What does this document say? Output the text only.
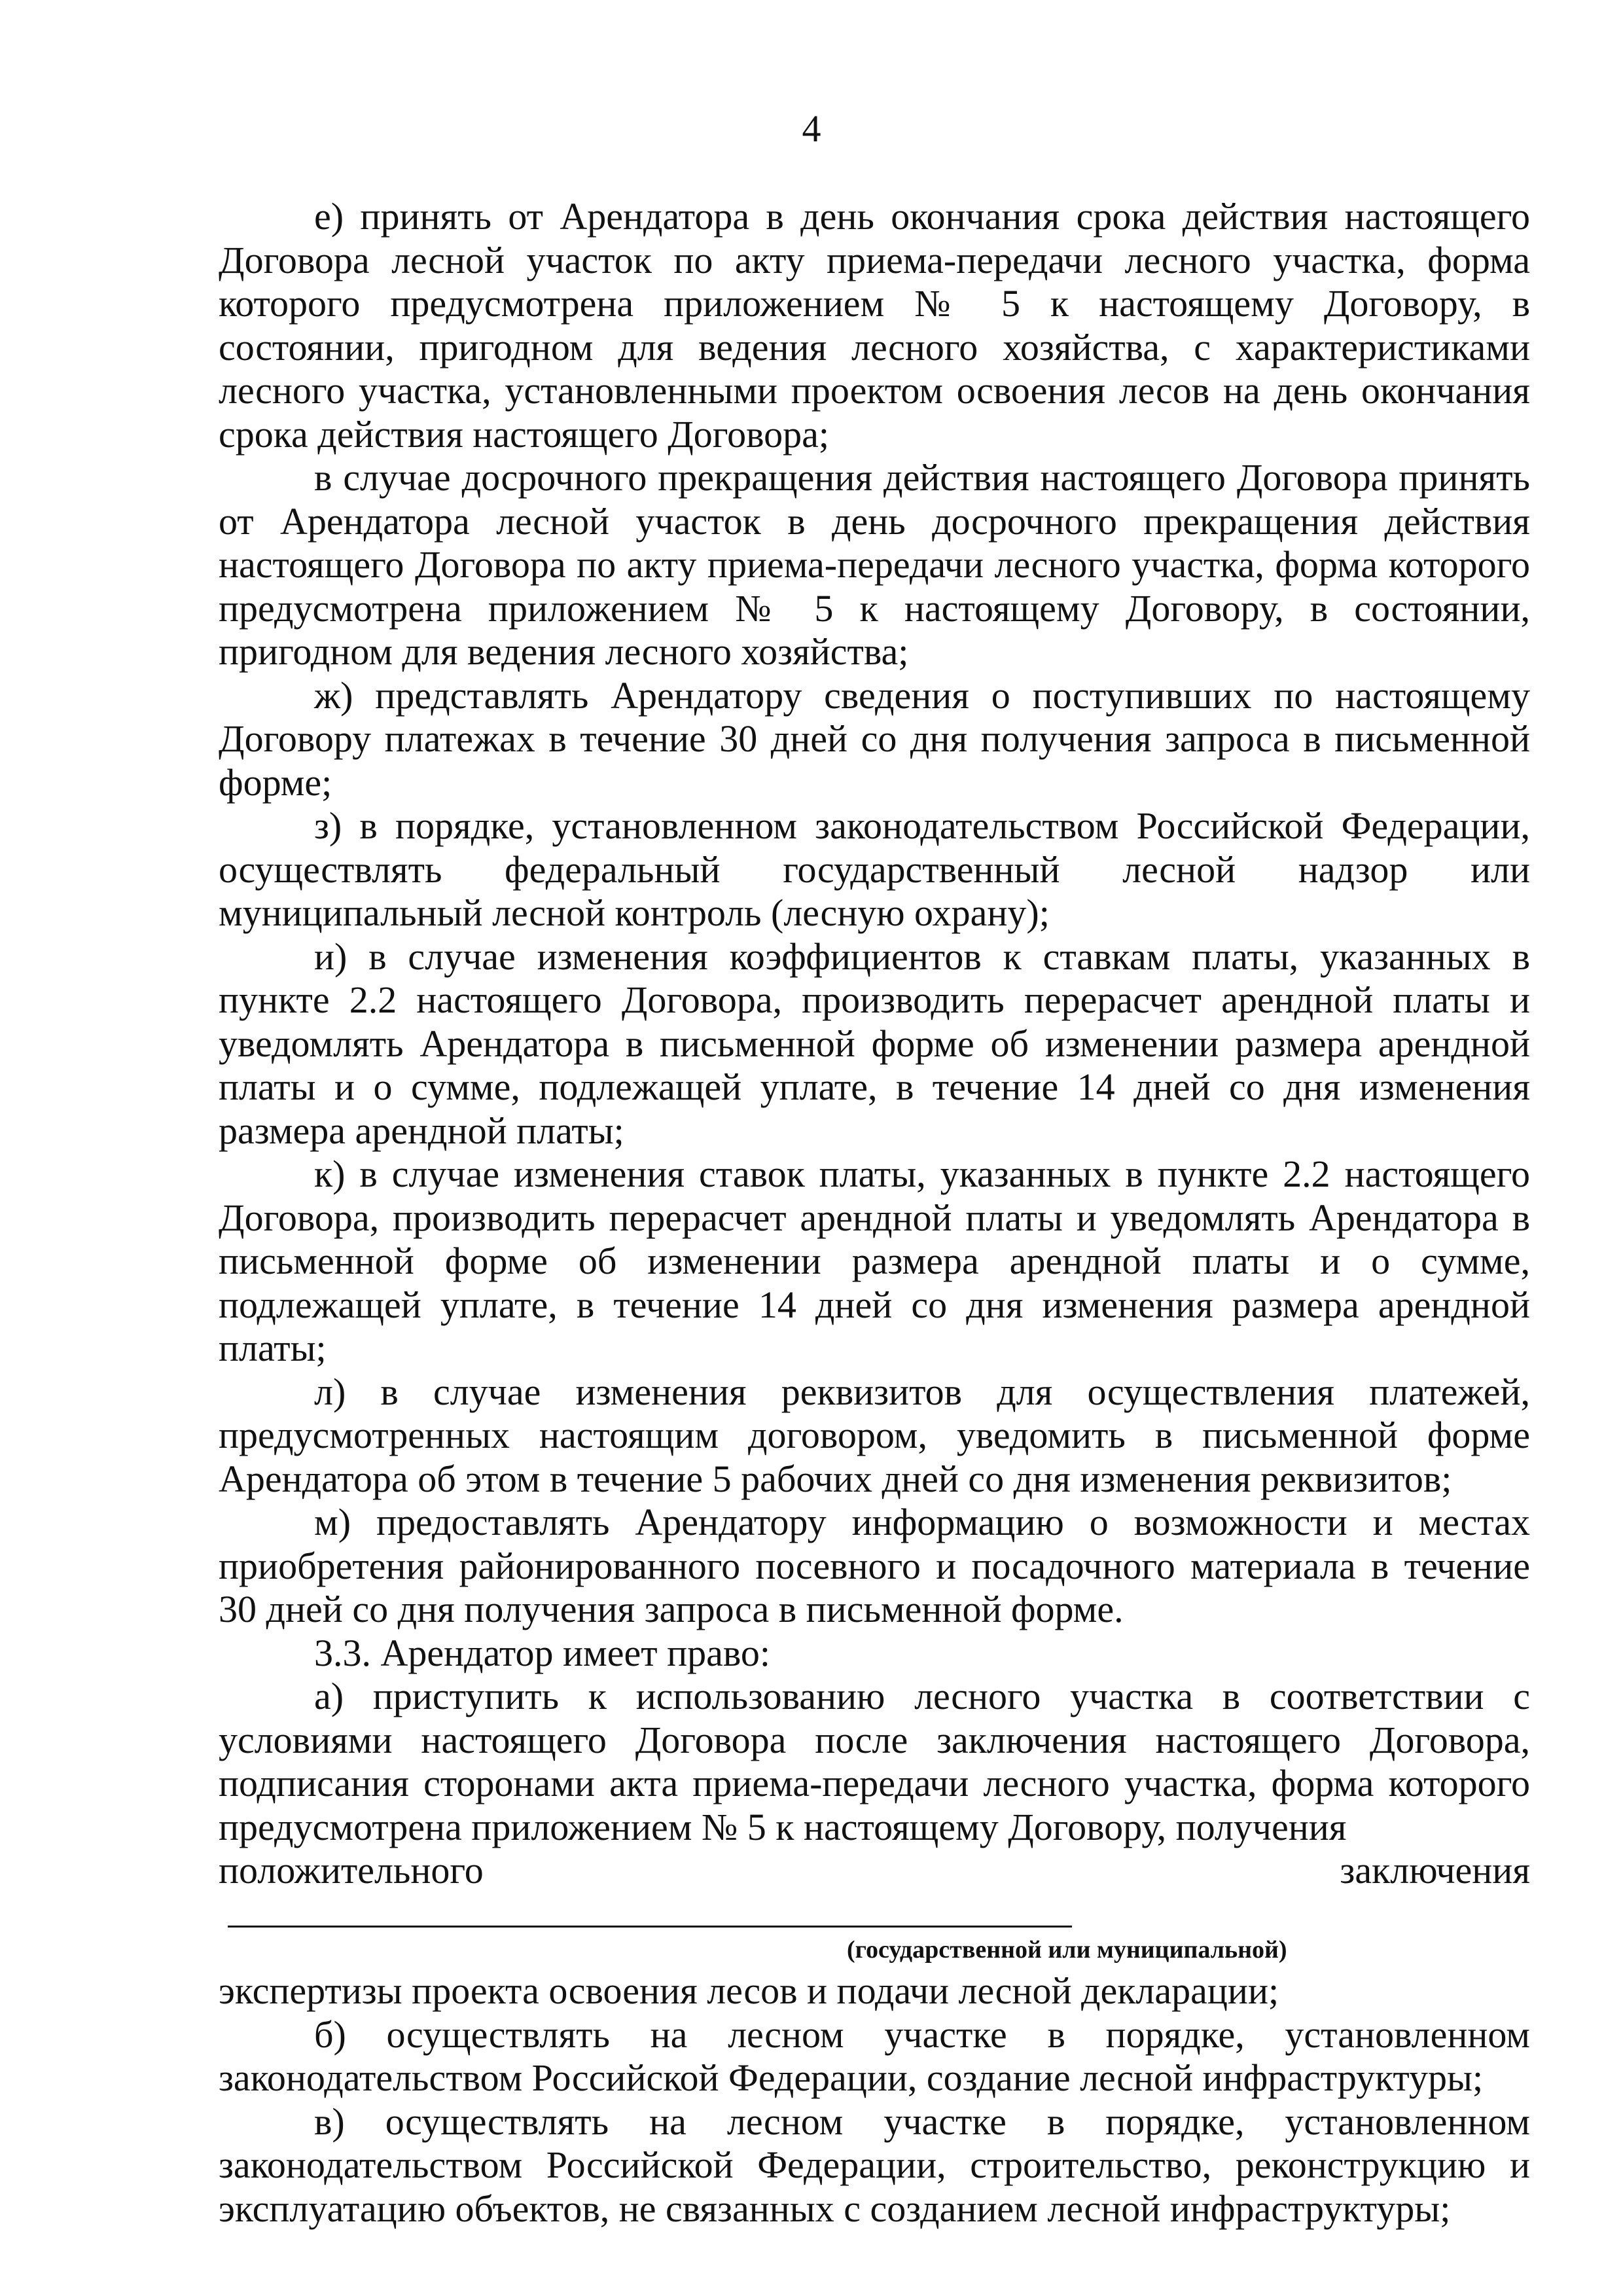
4

е) принять от Арендатора в день окончания срока действия настоящего Договора лесной участок по акту приема-передачи лесного участка, форма которого предусмотрена приложением № 5 к настоящему Договору, в состоянии, пригодном для ведения лесного хозяйства, с характеристиками лесного участка, установленными проектом освоения лесов на день окончания срока действия настоящего Договора;

в случае досрочного прекращения действия настоящего Договора принять от Арендатора лесной участок в день досрочного прекращения действия настоящего Договора по акту приема-передачи лесного участка, форма которого предусмотрена приложением № 5 к настоящему Договору, в состоянии, пригодном для ведения лесного хозяйства;

ж) представлять Арендатору сведения о поступивших по настоящему Договору платежах в течение 30 дней со дня получения запроса в письменной форме;

з) в порядке, установленном законодательством Российской Федерации, осуществлять федеральный государственный лесной надзор или муниципальный лесной контроль (лесную охрану);

и) в случае изменения коэффициентов к ставкам платы, указанных в пункте 2.2 настоящего Договора, производить перерасчет арендной платы и уведомлять Арендатора в письменной форме об изменении размера арендной платы и о сумме, подлежащей уплате, в течение 14 дней со дня изменения размера арендной платы;

к) в случае изменения ставок платы, указанных в пункте 2.2 настоящего Договора, производить перерасчет арендной платы и уведомлять Арендатора в письменной форме об изменении размера арендной платы и о сумме, подлежащей уплате, в течение 14 дней со дня изменения размера арендной платы;

л) в случае изменения реквизитов для осуществления платежей, предусмотренных настоящим договором, уведомить в письменной форме Арендатора об этом в течение 5 рабочих дней со дня изменения реквизитов;

м) предоставлять Арендатору информацию о возможности и местах приобретения районированного посевного и посадочного материала в течение 30 дней со дня получения запроса в письменной форме.

3.3. Арендатор имеет право:

а) приступить к использованию лесного участка в соответствии с условиями настоящего Договора после заключения настоящего Договора, подписания сторонами акта приема-передачи лесного участка, форма которого предусмотрена приложением № 5 к настоящему Договору, получения

положительного заключения

(государственной или муниципальной)

экспертизы проекта освоения лесов и подачи лесной декларации;

б) осуществлять на лесном участке в порядке, установленном законодательством Российской Федерации, создание лесной инфраструктуры;

в) осуществлять на лесном участке в порядке, установленном законодательством Российской Федерации, строительство, реконструкцию и эксплуатацию объектов, не связанных с созданием лесной инфраструктуры;
